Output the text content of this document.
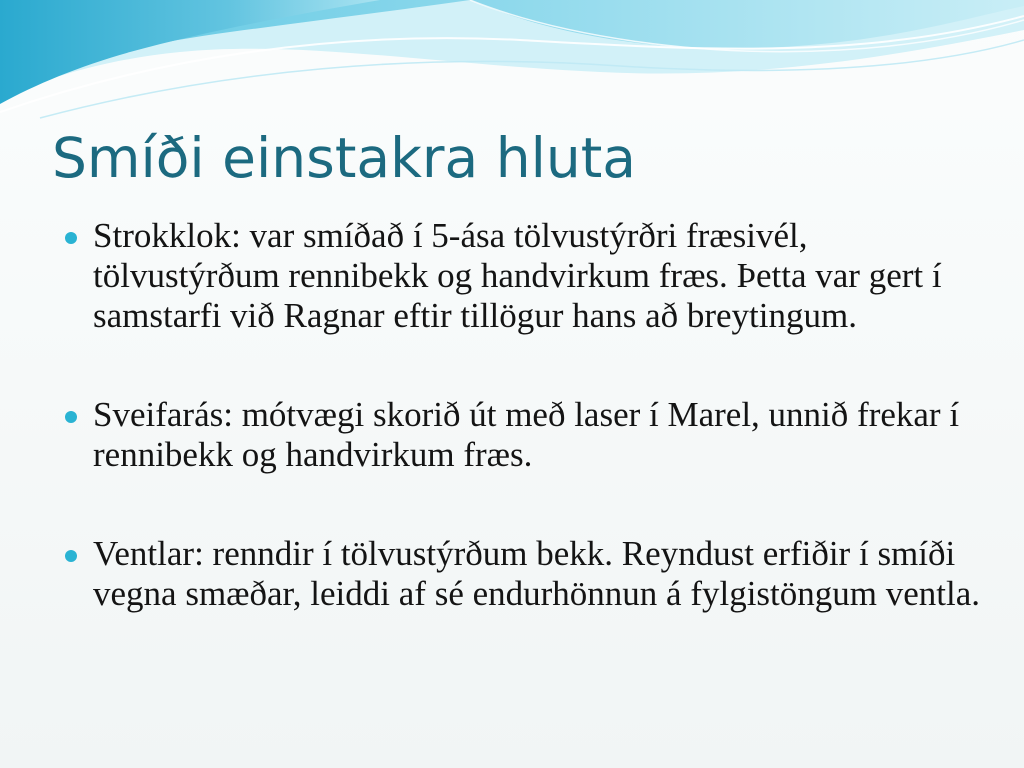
Smíði einstakra hluta
Strokklok: var smíðað í 5-ása tölvustýrðri fræsivél, tölvustýrðum rennibekk og handvirkum fræs. Þetta var gert í samstarfi við Ragnar eftir tillögur hans að breytingum.
Sveifarás: mótvægi skorið út með laser í Marel, unnið frekar í rennibekk og handvirkum fræs.
Ventlar: renndir í tölvustýrðum bekk. Reyndust erfiðir í smíði vegna smæðar, leiddi af sé endurhönnun á fylgistöngum ventla.
